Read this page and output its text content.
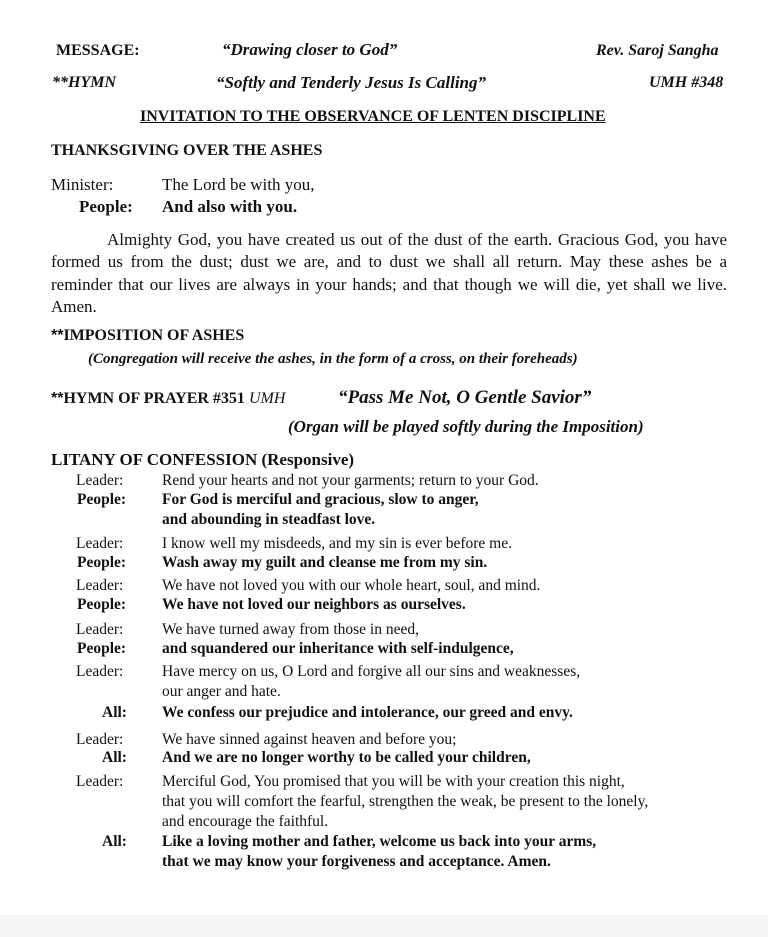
MESSAGE:	“Drawing closer to God”	Rev. Saroj Sangha
**HYMN	“Softly and Tenderly Jesus Is Calling”	UMH #348
INVITATION TO THE OBSERVANCE OF LENTEN DISCIPLINE
THANKSGIVING OVER THE ASHES
Minister:	The Lord be with you,
People: And also with you.
Almighty God, you have created us out of the dust of the earth. Gracious God, you have formed us from the dust; dust we are, and to dust we shall all return. May these ashes be a reminder that our lives are always in your hands; and that though we will die, yet shall we live. Amen.
**IMPOSITION OF ASHES
(Congregation will receive the ashes, in the form of a cross, on their foreheads)
**HYMN OF PRAYER #351 UMH	“Pass Me Not, O Gentle Savior”
(Organ will be played softly during the Imposition)
LITANY OF CONFESSION (Responsive)
Leader: Rend your hearts and not your garments; return to your God.
People: For God is merciful and gracious, slow to anger,
and abounding in steadfast love.
Leader: I know well my misdeeds, and my sin is ever before me.
People: Wash away my guilt and cleanse me from my sin.
Leader: We have not loved you with our whole heart, soul, and mind.
People: We have not loved our neighbors as ourselves.
Leader: We have turned away from those in need,
People: and squandered our inheritance with self-indulgence,
Leader: Have mercy on us, O Lord and forgive all our sins and weaknesses,
our anger and hate.
All: We confess our prejudice and intolerance, our greed and envy.
Leader: We have sinned against heaven and before you;
All: And we are no longer worthy to be called your children,
Leader: Merciful God, You promised that you will be with your creation this night,
that you will comfort the fearful, strengthen the weak, be present to the lonely,
and encourage the faithful.
All: Like a loving mother and father, welcome us back into your arms,
that we may know your forgiveness and acceptance. Amen.
